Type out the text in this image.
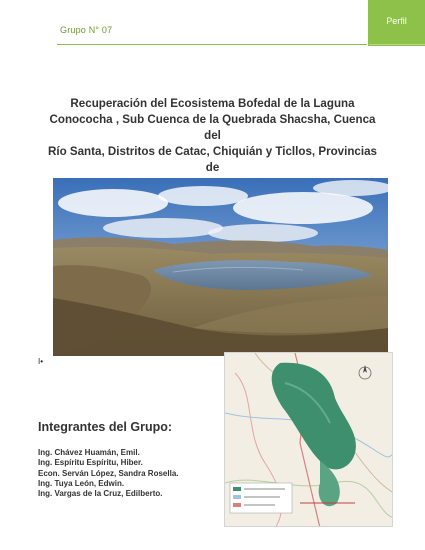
Perfil
Grupo N° 07
Recuperación del Ecosistema Bofedal de la Laguna
Conococha , Sub Cuenca de la Quebrada Shacsha, Cuenca del
Río Santa, Distritos de Catac, Chiquián y Ticllos, Provincias de
I•
Integrantes del Grupo:
Ing. Chávez Huamán, Emil.
Ing. Espíritu Espíritu, Hiber.
Econ. Serván López, Sandra Rosella.
Ing. Tuya León, Edwin.
Ing. Vargas de la Cruz, Edilberto.
